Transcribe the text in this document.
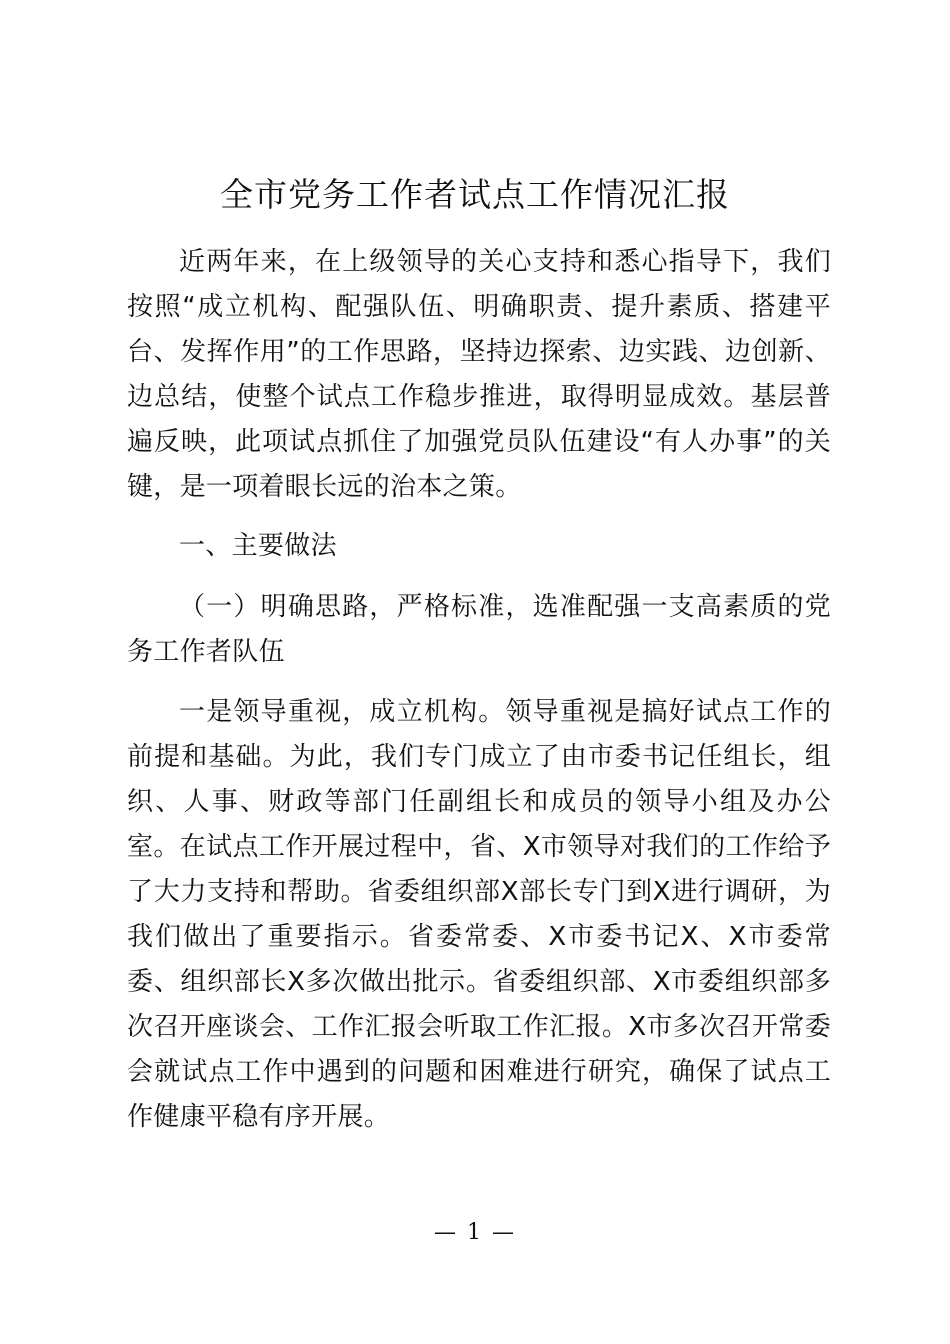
全市党务工作者试点工作情况汇报

近两年来，在上级领导的关心支持和悉心指导下，我们按照“成立机构、配强队伍、明确职责、提升素质、搭建平台、发挥作用”的工作思路，坚持边探索、边实践、边创新、边总结，使整个试点工作稳步推进，取得明显成效。基层普遍反映，此项试点抓住了加强党员队伍建设“有人办事”的关键，是一项着眼长远的治本之策。

一、主要做法

（一）明确思路，严格标准，选准配强一支高素质的党务工作者队伍

一是领导重视，成立机构。领导重视是搞好试点工作的前提和基础。为此，我们专门成立了由市委书记任组长，组织、人事、财政等部门任副组长和成员的领导小组及办公室。在试点工作开展过程中，省、X市领导对我们的工作给予了大力支持和帮助。省委组织部X部长专门到X进行调研，为我们做出了重要指示。省委常委、X市委书记X、X市委常委、组织部长X多次做出批示。省委组织部、X市委组织部多次召开座谈会、工作汇报会听取工作汇报。X市多次召开常委会就试点工作中遇到的问题和困难进行研究，确保了试点工作健康平稳有序开展。

— 1 —
